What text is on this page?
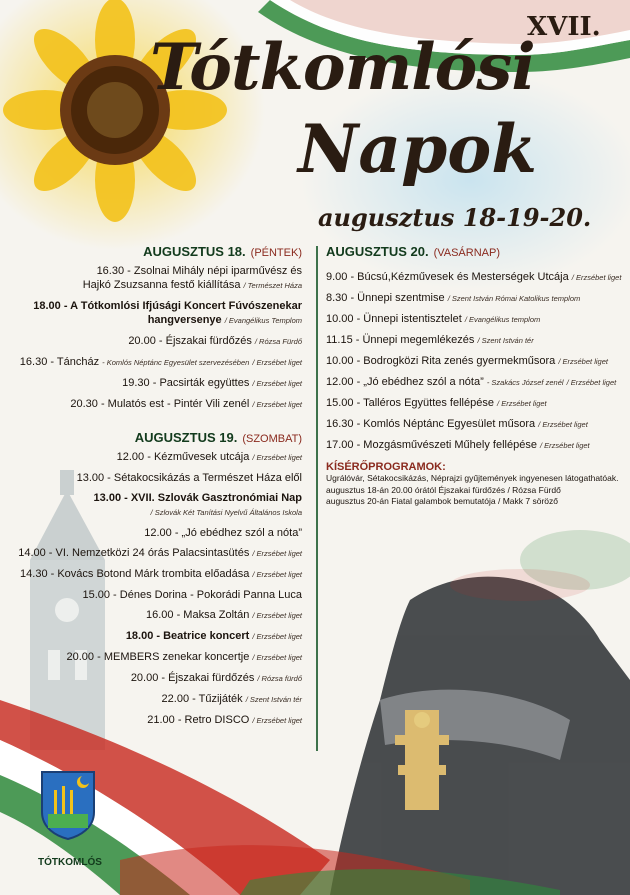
XVII.
Tótkomlósi
Napok
augusztus 18-19-20.
AUGUSZTUS 18. (PÉNTEK)
16.30 - Zsolnai Mihály népi iparművész és
Hajkó Zsuzsanna festő kiállítása / Természet Háza
18.00 - A Tótkomlósi Ifjúsági Koncert Fúvószenekar
hangversenye / Evangélikus Templom
20.00 - Éjszakai fürdőzés / Rózsa Fürdő
16.30 - Táncház - Komlós Néptánc Egyesület szervezésében / Erzsébet liget
19.30 - Pacsirták együttes / Erzsébet liget
20.30 - Mulatós est - Pintér Vili zenél / Erzsébet liget
AUGUSZTUS 19. (SZOMBAT)
12.00 - Kézművesek utcája / Erzsébet liget
13.00 - Sétakocsikázás a Természet Háza elől
13.00 - XVII. Szlovák Gasztronómiai Nap
/ Szlovák Két Tanítási Nyelvű Általános Iskola
12.00 - „Jó ebédhez szól a nóta”
14.00 - VI. Nemzetközi 24 órás Palacsintasütés / Erzsébet liget
14.30 - Kovács Botond Márk trombita előadása / Erzsébet liget
15.00 - Dénes Dorina - Pokorádi Panna Luca
16.00 - Maksa Zoltán / Erzsébet liget
18.00 - Beatrice koncert / Erzsébet liget
20.00 - MEMBERS zenekar koncertje / Erzsébet liget
20.00 - Éjszakai fürdőzés / Rózsa fürdő
22.00 - Tűzijáték / Szent István tér
21.00 - Retro DISCO / Erzsébet liget
AUGUSZTUS 20. (VASÁRNAP)
9.00 - Búcsú,Kézművesek és Mesterségek Utcája / Erzsébet liget
8.30 - Ünnepi szentmise / Szent István Római Katolikus templom
10.00 - Ünnepi istentisztelet / Evangélikus templom
11.15 - Ünnepi megemlékezés / Szent István tér
10.00 - Bodrogközi Rita zenés gyermekműsora / Erzsébet liget
12.00 - „Jó ebédhez szól a nóta” - Szakács József zenél / Erzsébet liget
15.00 - Talléros Együttes fellépése / Erzsébet liget
16.30 - Komlós Néptánc Egyesület műsora / Erzsébet liget
17.00 - Mozgásművészeti Műhely fellépése / Erzsébet liget
KÍSÉRŐPROGRAMOK:
Ugrálóvár, Sétakocsikázás, Néprajzi gyűjtemények ingyenesen látogathatóak.
augusztus 18-án 20.00 órától Éjszakai fürdőzés / Rózsa Fürdő
augusztus 20-án Fiatal galambok bemutatója / Makk 7 söröző
TÓTKOMLÓS
